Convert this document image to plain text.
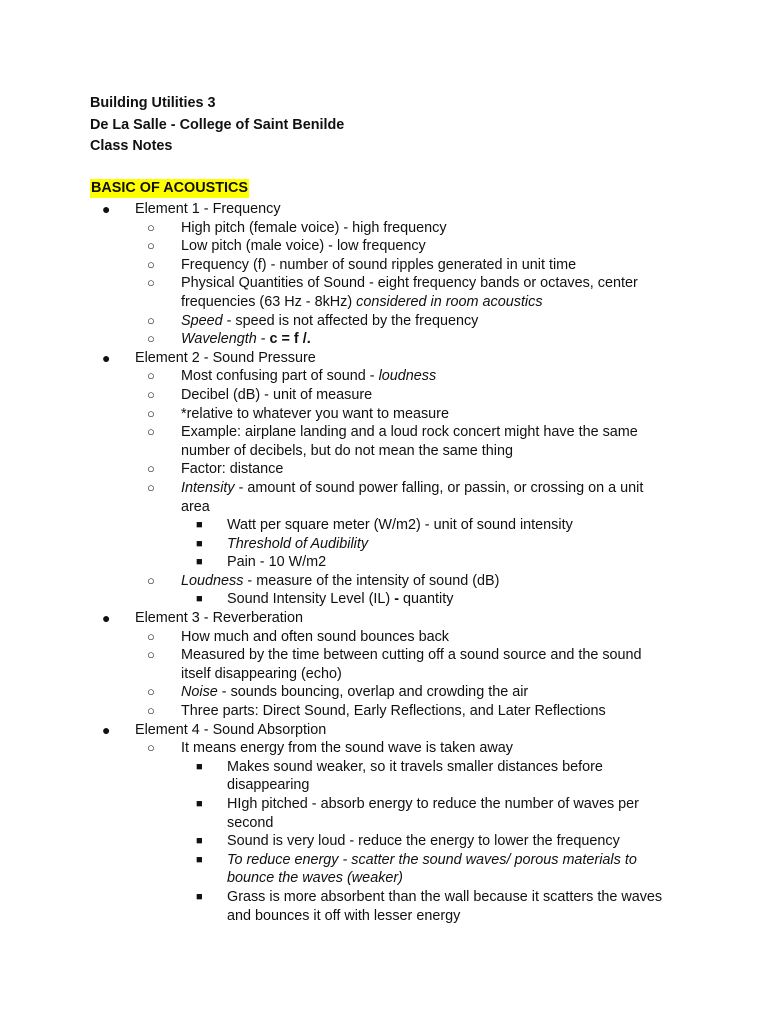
Building Utilities 3
De La Salle - College of Saint Benilde
Class Notes
BASIC OF ACOUSTICS
● Element 1 - Frequency
○ High pitch (female voice) - high frequency
○ Low pitch (male voice) - low frequency
○ Frequency (f) - number of sound ripples generated in unit time
○ Physical Quantities of Sound - eight frequency bands or octaves, center frequencies (63 Hz - 8kHz) considered in room acoustics
○ Speed - speed is not affected by the frequency
○ Wavelength - c = f /.
● Element 2 - Sound Pressure
○ Most confusing part of sound - loudness
○ Decibel (dB) - unit of measure
○ *relative to whatever you want to measure
○ Example: airplane landing and a loud rock concert might have the same number of decibels, but do not mean the same thing
○ Factor: distance
○ Intensity - amount of sound power falling, or passin, or crossing on a unit area
■ Watt per square meter (W/m2) - unit of sound intensity
■ Threshold of Audibility
■ Pain - 10 W/m2
○ Loudness - measure of the intensity of sound (dB)
■ Sound Intensity Level (IL) - quantity
● Element 3 - Reverberation
○ How much and often sound bounces back
○ Measured by the time between cutting off a sound source and the sound itself disappearing (echo)
○ Noise - sounds bouncing, overlap and crowding the air
○ Three parts: Direct Sound, Early Reflections, and Later Reflections
● Element 4 - Sound Absorption
○ It means energy from the sound wave is taken away
■ Makes sound weaker, so it travels smaller distances before disappearing
■ HIgh pitched - absorb energy to reduce the number of waves per second
■ Sound is very loud - reduce the energy to lower the frequency
■ To reduce energy - scatter the sound waves/ porous materials to bounce the waves (weaker)
■ Grass is more absorbent than the wall because it scatters the waves and bounces it off with lesser energy
